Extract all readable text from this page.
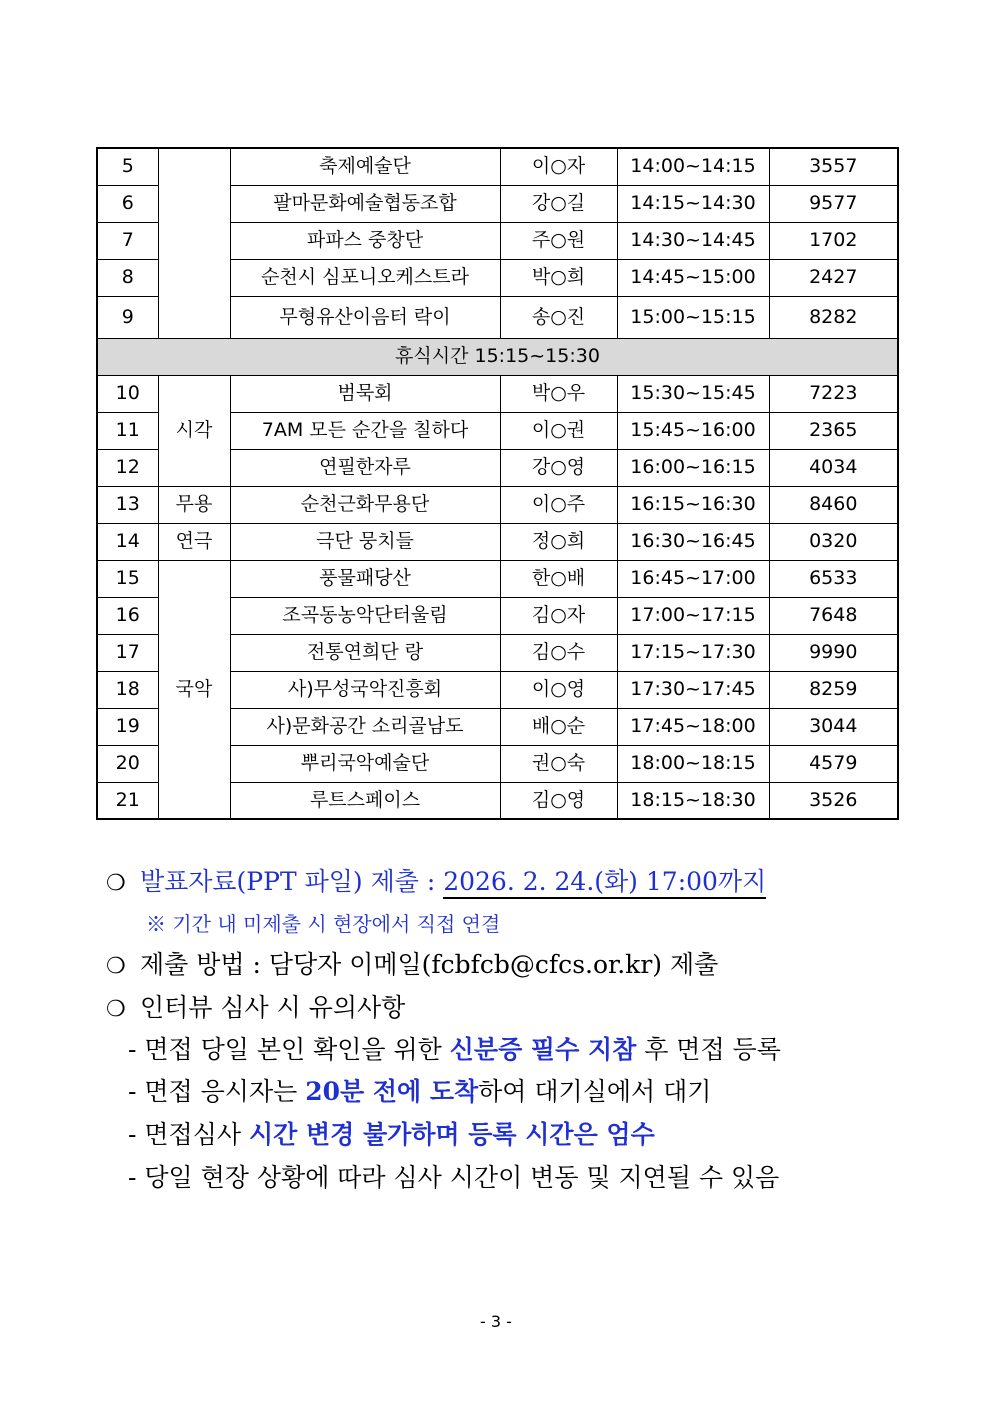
5		축제예술단	이○자	14:00~14:15	3557
6		팔마문화예술협동조합	강○길	14:15~14:30	9577
7		파파스 중창단	주○원	14:30~14:45	1702
8		순천시 심포니오케스트라	박○희	14:45~15:00	2427
9		무형유산이음터 락이	송○진	15:00~15:15	8282
휴식시간 15:15~15:30					
10	시각	범묵회	박○우	15:30~15:45	7223
11		7AM 모든 순간을 칠하다	이○권	15:45~16:00	2365
12		연필한자루	강○영	16:00~16:15	4034
13	무용	순천근화무용단	이○주	16:15~16:30	8460
14	연극	극단 뭉치들	정○희	16:30~16:45	0320
15	국악	풍물패당산	한○배	16:45~17:00	6533
16		조곡동농악단터울림	김○자	17:00~17:15	7648
17		전통연희단 랑	김○수	17:15~17:30	9990
18		사)무성국악진흥회	이○영	17:30~17:45	8259
19		사)문화공간 소리골남도	배○순	17:45~18:00	3044
20		뿌리국악예술단	권○숙	18:00~18:15	4579
21		루트스페이스	김○영	18:15~18:30	3526
❍ 발표자료(PPT 파일) 제출 : 2026. 2. 24.(화) 17:00까지
※ 기간 내 미제출 시 현장에서 직접 연결
❍ 제출 방법 : 담당자 이메일(fcbfcb@cfcs.or.kr) 제출
❍ 인터뷰 심사 시 유의사항
- 면접 당일 본인 확인을 위한 신분증 필수 지참 후 면접 등록
- 면접 응시자는 20분 전에 도착하여 대기실에서 대기
- 면접심사 시간 변경 불가하며 등록 시간은 엄수
- 당일 현장 상황에 따라 심사 시간이 변동 및 지연될 수 있음
- 3 -
